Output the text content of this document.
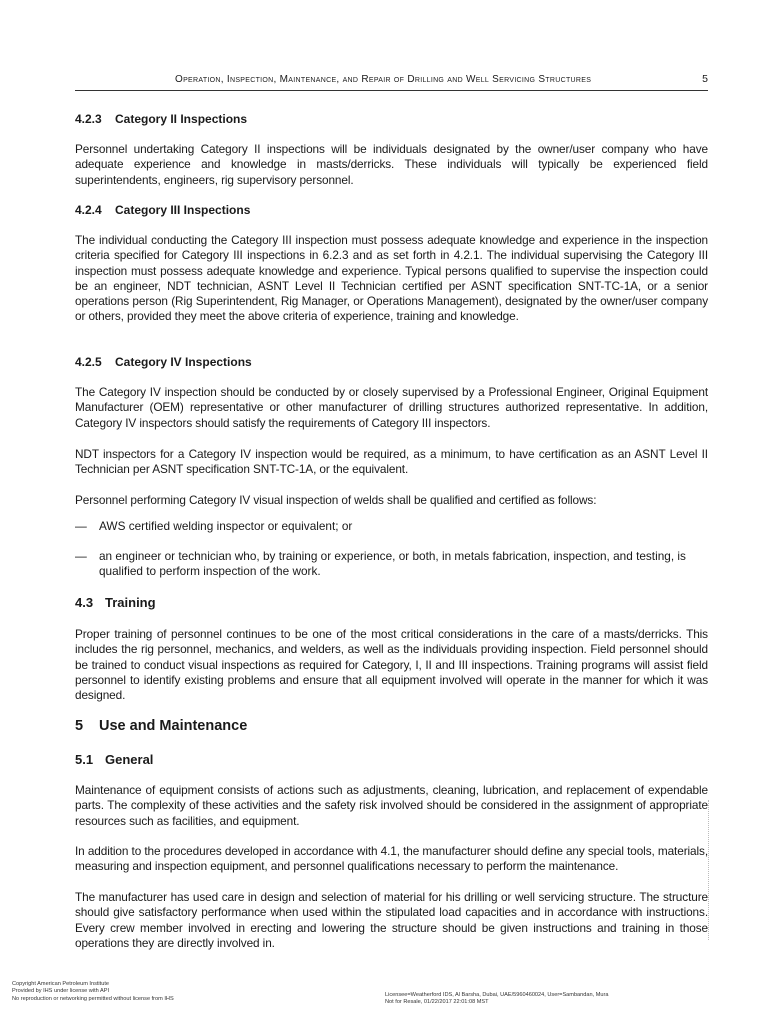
Operation, Inspection, Maintenance, and Repair of Drilling and Well Servicing Structures	5
4.2.3 Category II Inspections
Personnel undertaking Category II inspections will be individuals designated by the owner/user company who have adequate experience and knowledge in masts/derricks. These individuals will typically be experienced field superintendents, engineers, rig supervisory personnel.
4.2.4 Category III Inspections
The individual conducting the Category III inspection must possess adequate knowledge and experience in the inspection criteria specified for Category III inspections in 6.2.3 and as set forth in 4.2.1. The individual supervising the Category III inspection must possess adequate knowledge and experience. Typical persons qualified to supervise the inspection could be an engineer, NDT technician, ASNT Level II Technician certified per ASNT specification SNT-TC-1A, or a senior operations person (Rig Superintendent, Rig Manager, or Operations Management), designated by the owner/user company or others, provided they meet the above criteria of experience, training and knowledge.
4.2.5 Category IV Inspections
The Category IV inspection should be conducted by or closely supervised by a Professional Engineer, Original Equipment Manufacturer (OEM) representative or other manufacturer of drilling structures authorized representative. In addition, Category IV inspectors should satisfy the requirements of Category III inspectors.
NDT inspectors for a Category IV inspection would be required, as a minimum, to have certification as an ASNT Level II Technician per ASNT specification SNT-TC-1A, or the equivalent.
Personnel performing Category IV visual inspection of welds shall be qualified and certified as follows:
— AWS certified welding inspector or equivalent; or
— an engineer or technician who, by training or experience, or both, in metals fabrication, inspection, and testing, is qualified to perform inspection of the work.
4.3 Training
Proper training of personnel continues to be one of the most critical considerations in the care of a masts/derricks. This includes the rig personnel, mechanics, and welders, as well as the individuals providing inspection. Field personnel should be trained to conduct visual inspections as required for Category, I, II and III inspections. Training programs will assist field personnel to identify existing problems and ensure that all equipment involved will operate in the manner for which it was designed.
5 Use and Maintenance
5.1 General
Maintenance of equipment consists of actions such as adjustments, cleaning, lubrication, and replacement of expendable parts. The complexity of these activities and the safety risk involved should be considered in the assignment of appropriate resources such as facilities, and equipment.
In addition to the procedures developed in accordance with 4.1, the manufacturer should define any special tools, materials, measuring and inspection equipment, and personnel qualifications necessary to perform the maintenance.
The manufacturer has used care in design and selection of material for his drilling or well servicing structure. The structure should give satisfactory performance when used within the stipulated load capacities and in accordance with instructions. Every crew member involved in erecting and lowering the structure should be given instructions and training in those operations they are directly involved in.
Copyright American Petroleum Institute
Provided by IHS under license with API
No reproduction or networking permitted without license from IHS
Licensee=Weatherford IDS, Al Barsha, Dubai, UAE/5960460024, User=Sambandan, Mura
Not for Resale, 01/22/2017 22:01:08 MST
